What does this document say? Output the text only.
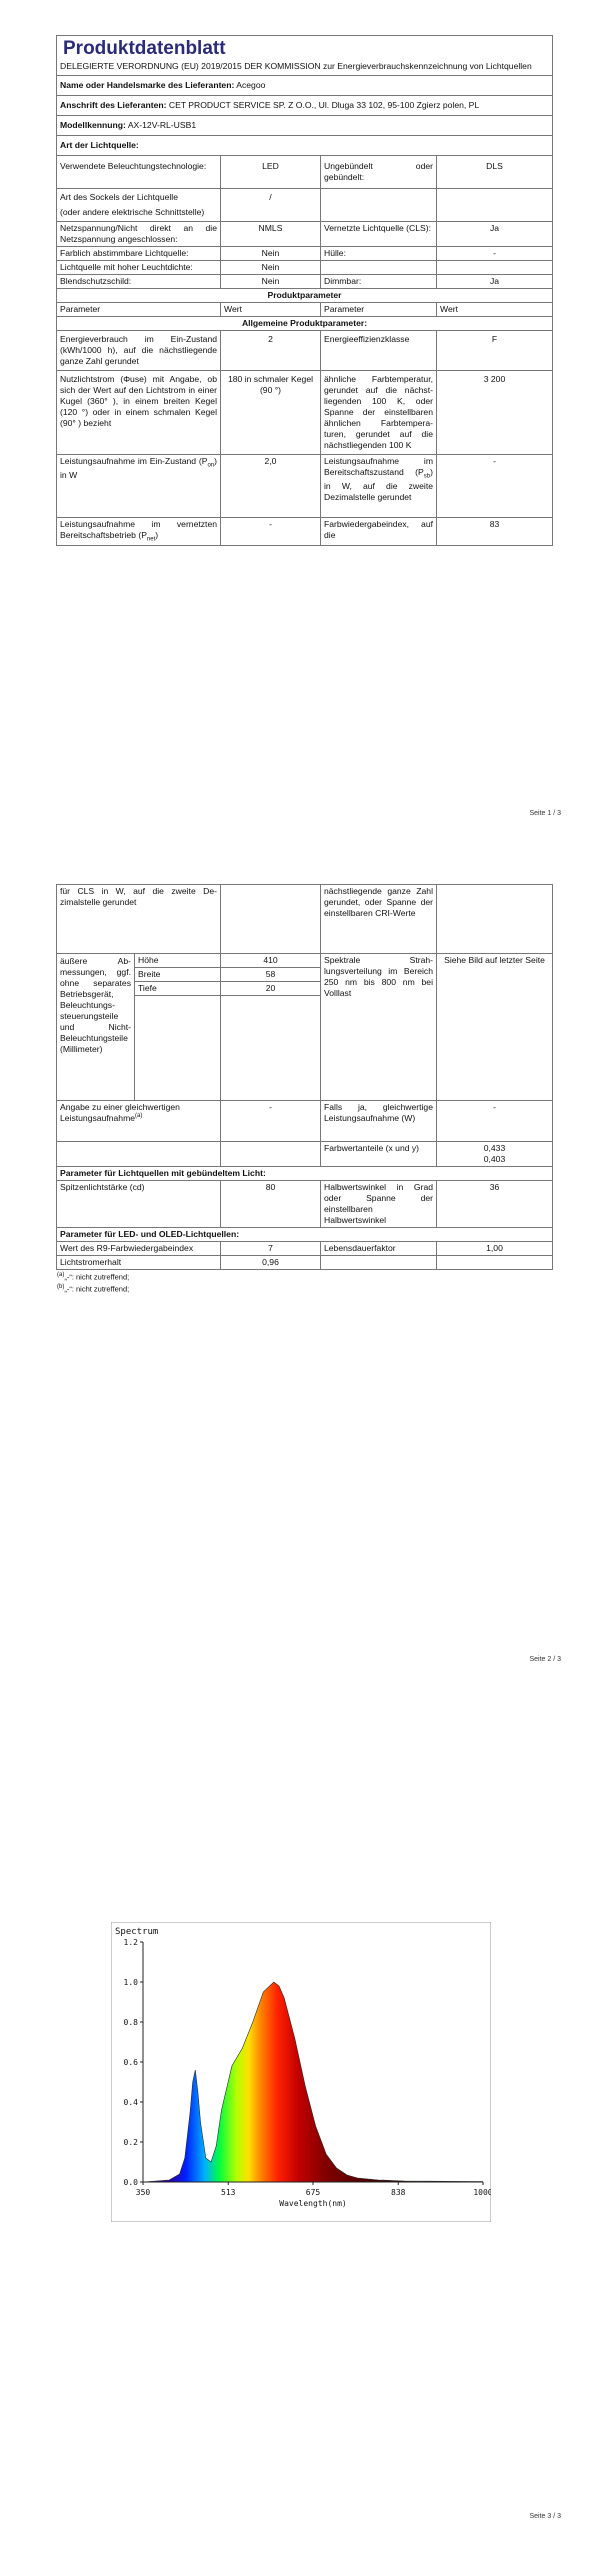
Produktdatenblatt
DELEGIERTE VERORDNUNG (EU) 2019/2015 DER KOMMISSION zur Energieverbrauchskennzeichnung von Lichtquellen			

Name oder Handelsmarke des Lieferanten: Acegoo			
Anschrift des Lieferanten: CET PRODUCT SERVICE SP. Z O.O., Ul. Dluga 33 102, 95-100 Zgierz polen, PL			
Modellkennung: AX-12V-RL-USB1			
Art der Lichtquelle:			
Verwendete Beleuchtungstechnologie:	LED	Ungebündelt oder gebündelt:	DLS

Art des Sockels der Lichtquelle
(oder andere elektrische Schnittstelle)	/		
Netzspannung/Nicht direkt an die Netzspannung angeschlossen:	NMLS	Vernetzte Lichtquelle (CLS):	Ja
Farblich abstimmbare Lichtquelle:	Nein	Hülle:	-
Lichtquelle mit hoher Leuchtdichte:	Nein		
Blendschutzschild:	Nein	Dimmbar:	Ja
Produktparameter			
Parameter	Wert	Parameter	Wert
Allgemeine Produktparameter:			
Energieverbrauch im Ein-Zustand (kWh/1000 h), auf die nächstliegende ganze Zahl gerundet	2	Energieeffizienzklasse	F
Nutzlichtstrom (Φuse) mit Angabe, ob sich der Wert auf den Lichtstrom in einer Kugel (360° ), in einem breiten Kegel (120 °) oder in einem schmalen Kegel (90° ) bezieht	180 in schmaler Kegel (90 °)	ähnliche Farbtemperatur, gerundet auf die nächstliegenden 100 K, oder Spanne der einstellbaren ähnlichen Farbtemperaturen, gerundet auf die nächstliegenden 100 K	3 200
Leistungsaufnahme im Ein-Zustand $(P_{on})$ in W	2,0	Leistungsaufnahme im Bereitschaftszustand $(P_{sb})$ in W, auf die zweite Dezimalstelle gerundet	-
Leistungsaufnahme im vernetzten Bereitschaftsbetrieb $(P_{net})$	-	Farbwiedergabeindex, auf die	83
Seite 1 / 3
für CLS in W, auf die zweite Dezimalstelle gerundet			nächstliegende ganze Zahl gerundet, oder Spanne der einstellbaren CRI-Werte	
äußere Abmessungen, ggf. ohne separates Betriebsgerät, Beleuchtungssteuerungsteile und Nicht-Beleuchtungsteile (Millimeter)	Höhe	410	Spektrale Strahlungsverteilung im Bereich 250 nm bis 800 nm bei Volllast	Siehe Bild auf letzter Seite
	Breite	58		
	Tiefe	20		

Angabe zu einer gleichwertigen Leistungsaufnahme$^{(a)}$		-	Falls ja, gleichwertige Leistungsaufnahme (W)	-
			Farbwertanteile (x und y)	0,433
0,403

Parameter für Lichtquellen mit gebündeltem Licht:				
Spitzenlichtstärke (cd)		80	Halbwertswinkel in Grad oder Spanne der einstellbaren Halbwertswinkel	36
Parameter für LED- und OLED-Lichtquellen:				
Wert des R9-Farbwiedergabeindex		7	Lebensdauerfaktor	1,00
Lichtstromerhalt		0,96		
$^{(a)}$„-“: nicht zutreffend;
$^{(b)}$„-“: nicht zutreffend;
Seite 2 / 3
Spectrum
0.0
0.2
0.4
0.6
0.8
1.0
1.2
350	513	675	838	1000
Wavelength(nm)
Seite 3 / 3
